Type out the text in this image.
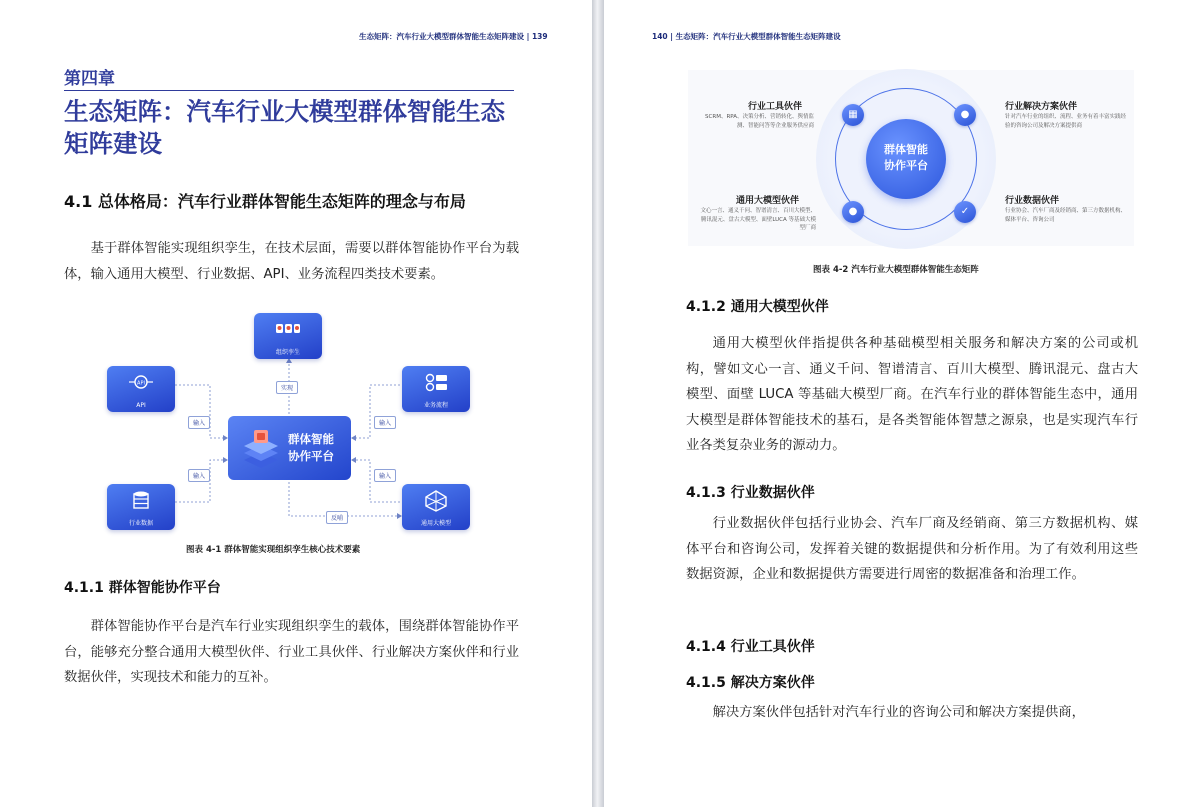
生态矩阵：汽车行业大模型群体智能生态矩阵建设 | 139
第四章
生态矩阵：汽车行业大模型群体智能生态矩阵建设
4.1 总体格局：汽车行业群体智能生态矩阵的理念与布局
基于群体智能实现组织孪生，在技术层面，需要以群体智能协作平台为载体，输入通用大模型、行业数据、API、业务流程四类技术要素。
组织孪生
API
API
行业数据
业务流程
通用大模型
群体智能协作平台
实现
输入
输入
输入
输入
反哺
图表 4-1 群体智能实现组织孪生核心技术要素
4.1.1 群体智能协作平台
群体智能协作平台是汽车行业实现组织孪生的载体，围绕群体智能协作平台，能够充分整合通用大模型伙伴、行业工具伙伴、行业解决方案伙伴和行业数据伙伴，实现技术和能力的互补。
140 | 生态矩阵：汽车行业大模型群体智能生态矩阵建设
群体智能协作平台
▦	●
●	✓
行业工具伙伴
SCRM、RPA、决策分析、营销转化、舆情监测、智能问答等企业服务供应商
行业解决方案伙伴
针对汽车行业的组织、流程、业务有着丰富实践经验的咨询公司及解决方案提供商
通用大模型伙伴
文心一言、通义千问、智谱清言、百川大模型、腾讯混元、盘古大模型、面壁LUCA 等基础大模型厂商
行业数据伙伴
行业协会、汽车厂商及经销商、第三方数据机构、媒体平台、咨询公司
图表 4-2 汽车行业大模型群体智能生态矩阵
4.1.2 通用大模型伙伴
通用大模型伙伴指提供各种基础模型相关服务和解决方案的公司或机构，譬如文心一言、通义千问、智谱清言、百川大模型、腾讯混元、盘古大模型、面壁 LUCA 等基础大模型厂商。在汽车行业的群体智能生态中，通用大模型是群体智能技术的基石，是各类智能体智慧之源泉，也是实现汽车行业各类复杂业务的源动力。
4.1.3 行业数据伙伴
行业数据伙伴包括行业协会、汽车厂商及经销商、第三方数据机构、媒体平台和咨询公司，发挥着关键的数据提供和分析作用。为了有效利用这些数据资源，企业和数据提供方需要进行周密的数据准备和治理工作。
4.1.4 行业工具伙伴
4.1.5 解决方案伙伴
解决方案伙伴包括针对汽车行业的咨询公司和解决方案提供商，
